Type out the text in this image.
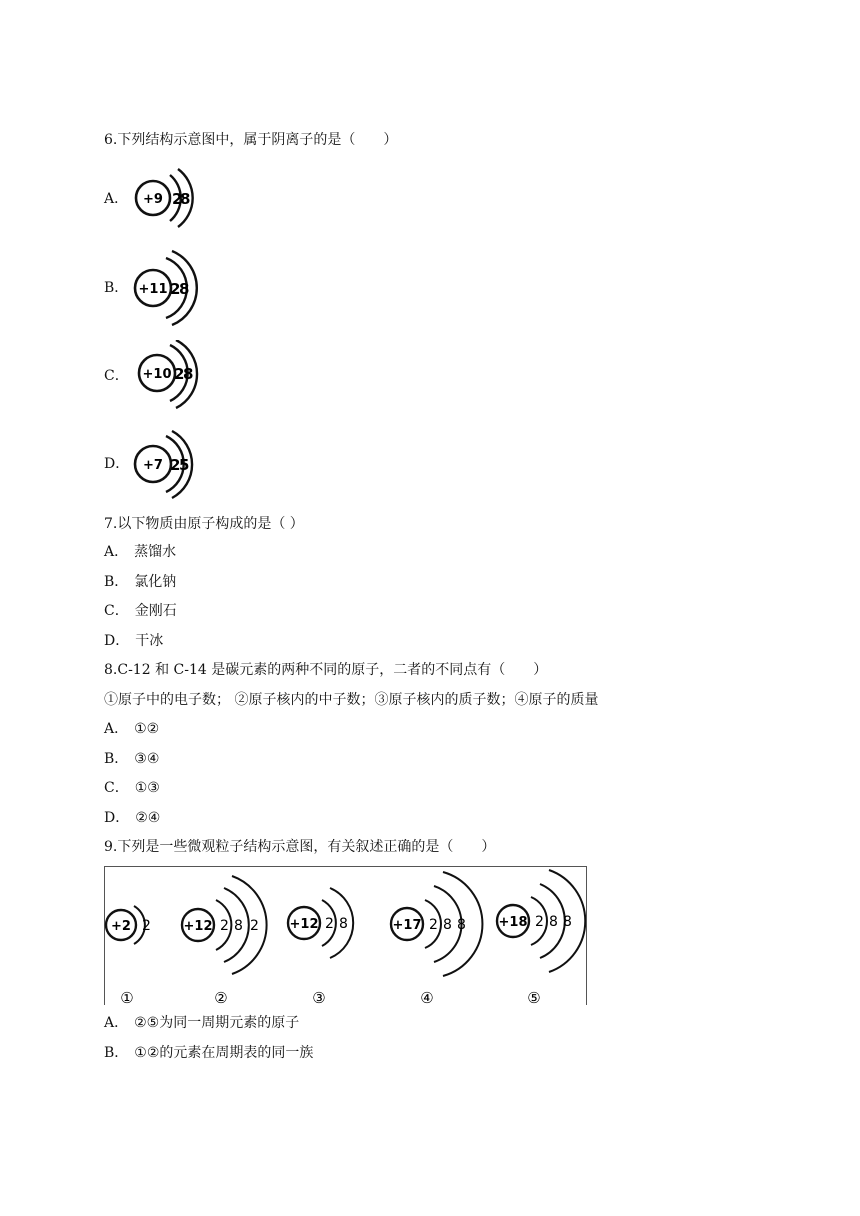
6.下列结构示意图中，属于阴离子的是（　　）
A． +9 2
8
B． +11 2
8
C． +10 2
8
D． +7 2
5
7.以下物质由原子构成的是（ ）
A． 蒸馏水
B． 氯化钠
C． 金刚石
D． 干冰
8.C-12 和 C-14 是碳元素的两种不同的原子，二者的不同点有（　　）
①原子中的电子数； ②原子核内的中子数；③原子核内的质子数；④原子的质量
A． ①②
B． ③④
C． ①③
D． ②④
9.下列是一些微观粒子结构示意图，有关叙述正确的是（　　）
+2 2
①
+12 2 8 2
②
+12 2 8
③
+17 2 8 8
④
+18 2 8 8
⑤
A． ②⑤为同一周期元素的原子
B． ①②的元素在周期表的同一族
